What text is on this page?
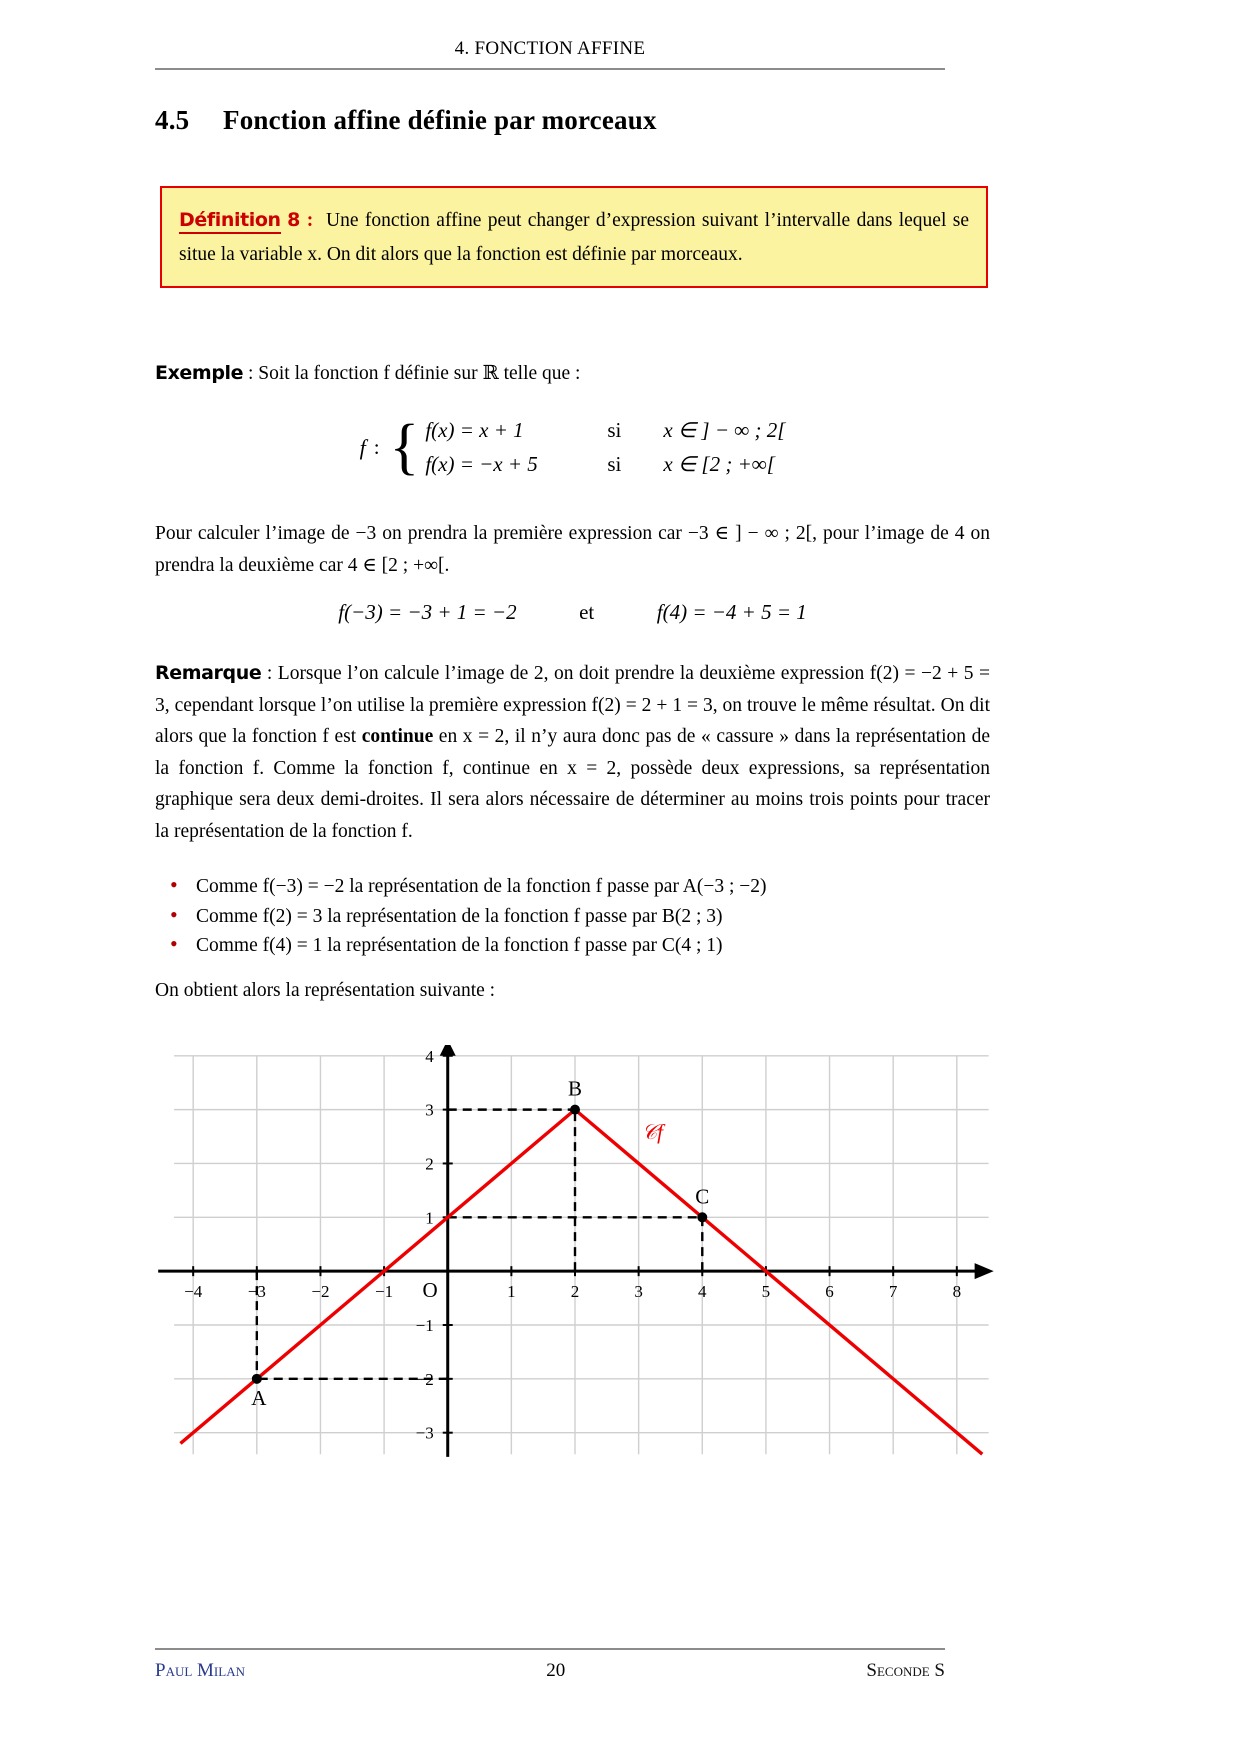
4. FONCTION AFFINE
4.5 Fonction affine définie par morceaux
Définition 8 : Une fonction affine peut changer d’expression suivant l’intervalle dans lequel se situe la variable x. On dit alors que la fonction est définie par morceaux.
Exemple : Soit la fonction f définie sur ℝ telle que :
f : { f(x) = x + 1	si	x ∈ ] − ∞ ; 2[
f(x) = −x + 5	si	x ∈ [2 ; +∞[
Pour calculer l’image de −3 on prendra la première expression car −3 ∈ ] − ∞ ; 2[, pour l’image de 4 on prendra la deuxième car 4 ∈ [2 ; +∞[.
f(−3) = −3 + 1 = −2	et	f(4) = −4 + 5 = 1
Remarque : Lorsque l’on calcule l’image de 2, on doit prendre la deuxième expression f(2) = −2 + 5 = 3, cependant lorsque l’on utilise la première expression f(2) = 2 + 1 = 3, on trouve le même résultat. On dit alors que la fonction f est continue en x = 2, il n’y aura donc pas de « cassure » dans la représentation de la fonction f. Comme la fonction f, continue en x = 2, possède deux expressions, sa représentation graphique sera deux demi-droites. Il sera alors nécessaire de déterminer au moins trois points pour tracer la représentation de la fonction f.
• Comme f(−3) = −2 la représentation de la fonction f passe par A(−3 ; −2)
• Comme f(2) = 3 la représentation de la fonction f passe par B(2 ; 3)
• Comme f(4) = 1 la représentation de la fonction f passe par C(4 ; 1)
On obtient alors la représentation suivante :
−4	−3	−2	−1	1	2	3	4	5	6	7	8
−3
−2
−1
1
2
3
4
O
𝒞f
A
B
C
Paul Milan	20	Seconde S
